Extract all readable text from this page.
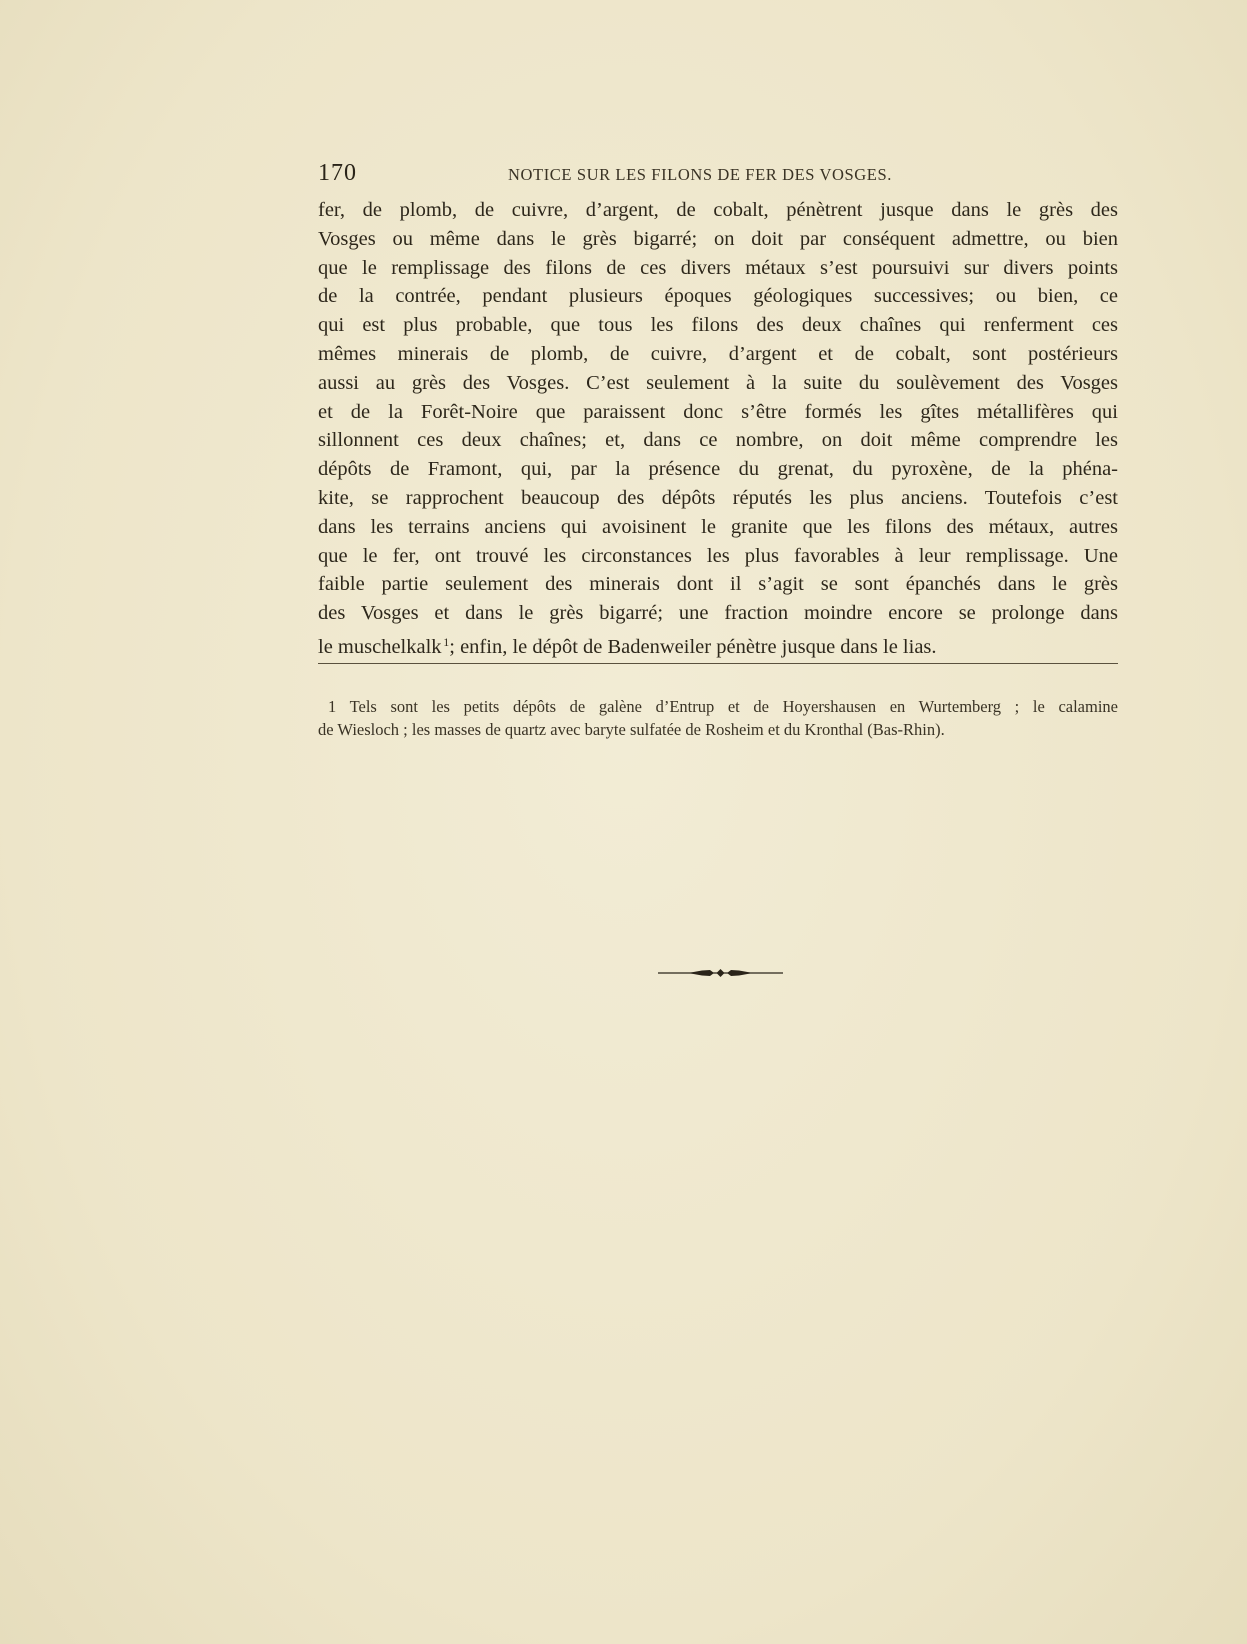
170	NOTICE SUR LES FILONS DE FER DES VOSGES.
fer, de plomb, de cuivre, d’argent, de cobalt, pénètrent jusque dans le grès des
Vosges ou même dans le grès bigarré; on doit par conséquent admettre, ou bien
que le remplissage des filons de ces divers métaux s’est poursuivi sur divers points
de la contrée, pendant plusieurs époques géologiques successives; ou bien, ce
qui est plus probable, que tous les filons des deux chaînes qui renferment ces
mêmes minerais de plomb, de cuivre, d’argent et de cobalt, sont postérieurs
aussi au grès des Vosges. C’est seulement à la suite du soulèvement des Vosges
et de la Forêt-Noire que paraissent donc s’être formés les gîtes métallifères qui
sillonnent ces deux chaînes; et, dans ce nombre, on doit même comprendre les
dépôts de Framont, qui, par la présence du grenat, du pyroxène, de la phéna-
kite, se rapprochent beaucoup des dépôts réputés les plus anciens. Toutefois c’est
dans les terrains anciens qui avoisinent le granite que les filons des métaux, autres
que le fer, ont trouvé les circonstances les plus favorables à leur remplissage. Une
faible partie seulement des minerais dont il s’agit se sont épanchés dans le grès
des Vosges et dans le grès bigarré; une fraction moindre encore se prolonge dans
le muschelkalk  $^1$; enfin, le dépôt de Badenweiler pénètre jusque dans le lias.
1 Tels sont les petits dépôts de galène d’Entrup et de Hoyershausen en Wurtemberg ; le calamine
de Wiesloch ; les masses de quartz avec baryte sulfatée de Rosheim et du Kronthal (Bas-Rhin).
